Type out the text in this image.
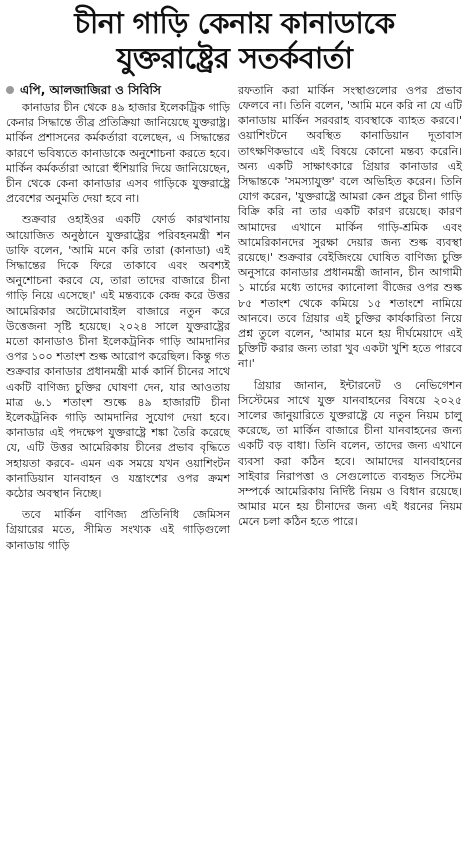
চীনা গাড়ি কেনায় কানাডাকে
যুক্তরাষ্ট্রের সতর্কবার্তা
এপি, আলজাজিরা ও সিবিসি

কানাডার চীন থেকে ৪৯ হাজার ইলেকট্রিক গাড়ি কেনার সিদ্ধান্তে তীব্র প্রতিক্রিয়া জানিয়েছে যুক্তরাষ্ট্র। মার্কিন প্রশাসনের কর্মকর্তারা বলেছেন, এ সিদ্ধান্তের কারণে ভবিষ্যতে কানাডাকে অনুশোচনা করতে হবে। মার্কিন কর্মকর্তারা আরো হুঁশিয়ারি দিয়ে জানিয়েছেন, চীন থেকে কেনা কানাডার এসব গাড়িকে যুক্তরাষ্ট্রে প্রবেশের অনুমতি দেয়া হবে না।

শুক্রবার ওহাইওর একটি ফোর্ড কারখানায় আয়োজিত অনুষ্ঠানে যুক্তরাষ্ট্রের পরিবহনমন্ত্রী শন ডাফি বলেন, 'আমি মনে করি তারা (কানাডা) এই সিদ্ধান্তের দিকে ফিরে তাকাবে এবং অবশ্যই অনুশোচনা করবে যে, তারা তাদের বাজারে চীনা গাড়ি নিয়ে এসেছে।' এই মন্তব্যকে কেন্দ্র করে উত্তর আমেরিকার অটোমোবাইল বাজারে নতুন করে উত্তেজনা সৃষ্টি হয়েছে। ২০২৪ সালে যুক্তরাষ্ট্রের মতো কানাডাও চীনা ইলেকট্রনিক গাড়ি আমদানির ওপর ১০০ শতাংশ শুল্ক আরোপ করেছিল। কিন্তু গত শুক্রবার কানাডার প্রধানমন্ত্রী মার্ক কার্নি চীনের সাথে একটি বাণিজ্য চুক্তির ঘোষণা দেন, যার আওতায় মাত্র ৬.১ শতাংশ শুল্কে ৪৯ হাজারটি চীনা ইলেকট্রনিক গাড়ি আমদানির সুযোগ দেয়া হবে। কানাডার এই পদক্ষেপ যুক্তরাষ্ট্রে শঙ্কা তৈরি করেছে যে, এটি উত্তর আমেরিকায় চীনের প্রভাব বৃদ্ধিতে সহায়তা করবে- এমন এক সময়ে যখন ওয়াশিংটন কানাডিয়ান যানবাহন ও যন্ত্রাংশের ওপর ক্রমশ কঠোর অবস্থান নিচ্ছে।

তবে মার্কিন বাণিজ্য প্রতিনিধি জেমিসন গ্রিয়ারের মতে, সীমিত সংখ্যক এই গাড়িগুলো কানাডায় গাড়ি

রফতানি করা মার্কিন সংস্থাগুলোর ওপর প্রভাব ফেলবে না। তিনি বলেন, 'আমি মনে করি না যে এটি কানাডায় মার্কিন সরবরাহ ব্যবস্থাকে ব্যাহত করবে।' ওয়াশিংটনে অবস্থিত কানাডিয়ান দূতাবাস তাৎক্ষণিকভাবে এই বিষয়ে কোনো মন্তব্য করেনি। অন্য একটি সাক্ষাৎকারে গ্রিয়ার কানাডার এই সিদ্ধান্তকে 'সমস্যাযুক্ত' বলে অভিহিত করেন। তিনি যোগ করেন, 'যুক্তরাষ্ট্রে আমরা কেন প্রচুর চীনা গাড়ি বিক্রি করি না তার একটি কারণ রয়েছে। কারণ আমাদের এখানে মার্কিন গাড়ি-শ্রমিক এবং আমেরিকানদের সুরক্ষা দেয়ার জন্য শুল্ক ব্যবস্থা রয়েছে।' শুক্রবার বেইজিংয়ে ঘোষিত বাণিজ্য চুক্তি অনুসারে কানাডার প্রধানমন্ত্রী জানান, চীন আগামী ১ মার্চের মধ্যে তাদের ক্যানোলা বীজের ওপর শুল্ক ৮৫ শতাংশ থেকে কমিয়ে ১৫ শতাংশে নামিয়ে আনবে। তবে গ্রিয়ার এই চুক্তির কার্যকারিতা নিয়ে প্রশ্ন তুলে বলেন, 'আমার মনে হয় দীর্ঘমেয়াদে এই চুক্তিটি করার জন্য তারা খুব একটা খুশি হতে পারবে না।'

গ্রিয়ার জানান, ইন্টারনেট ও নেভিগেশন সিস্টেমের সাথে যুক্ত যানবাহনের বিষয়ে ২০২৫ সালের জানুয়ারিতে যুক্তরাষ্ট্রে যে নতুন নিয়ম চালু করেছে, তা মার্কিন বাজারে চীনা যানবাহনের জন্য একটি বড় বাধা। তিনি বলেন, তাদের জন্য এখানে ব্যবসা করা কঠিন হবে। আমাদের যানবাহনের সাইবার নিরাপত্তা ও সেগুলোতে ব্যবহৃত সিস্টেম সম্পর্কে আমেরিকায় নির্দিষ্ট নিয়ম ও বিধান রয়েছে। আমার মনে হয় চীনাদের জন্য এই ধরনের নিয়ম মেনে চলা কঠিন হতে পারে।
